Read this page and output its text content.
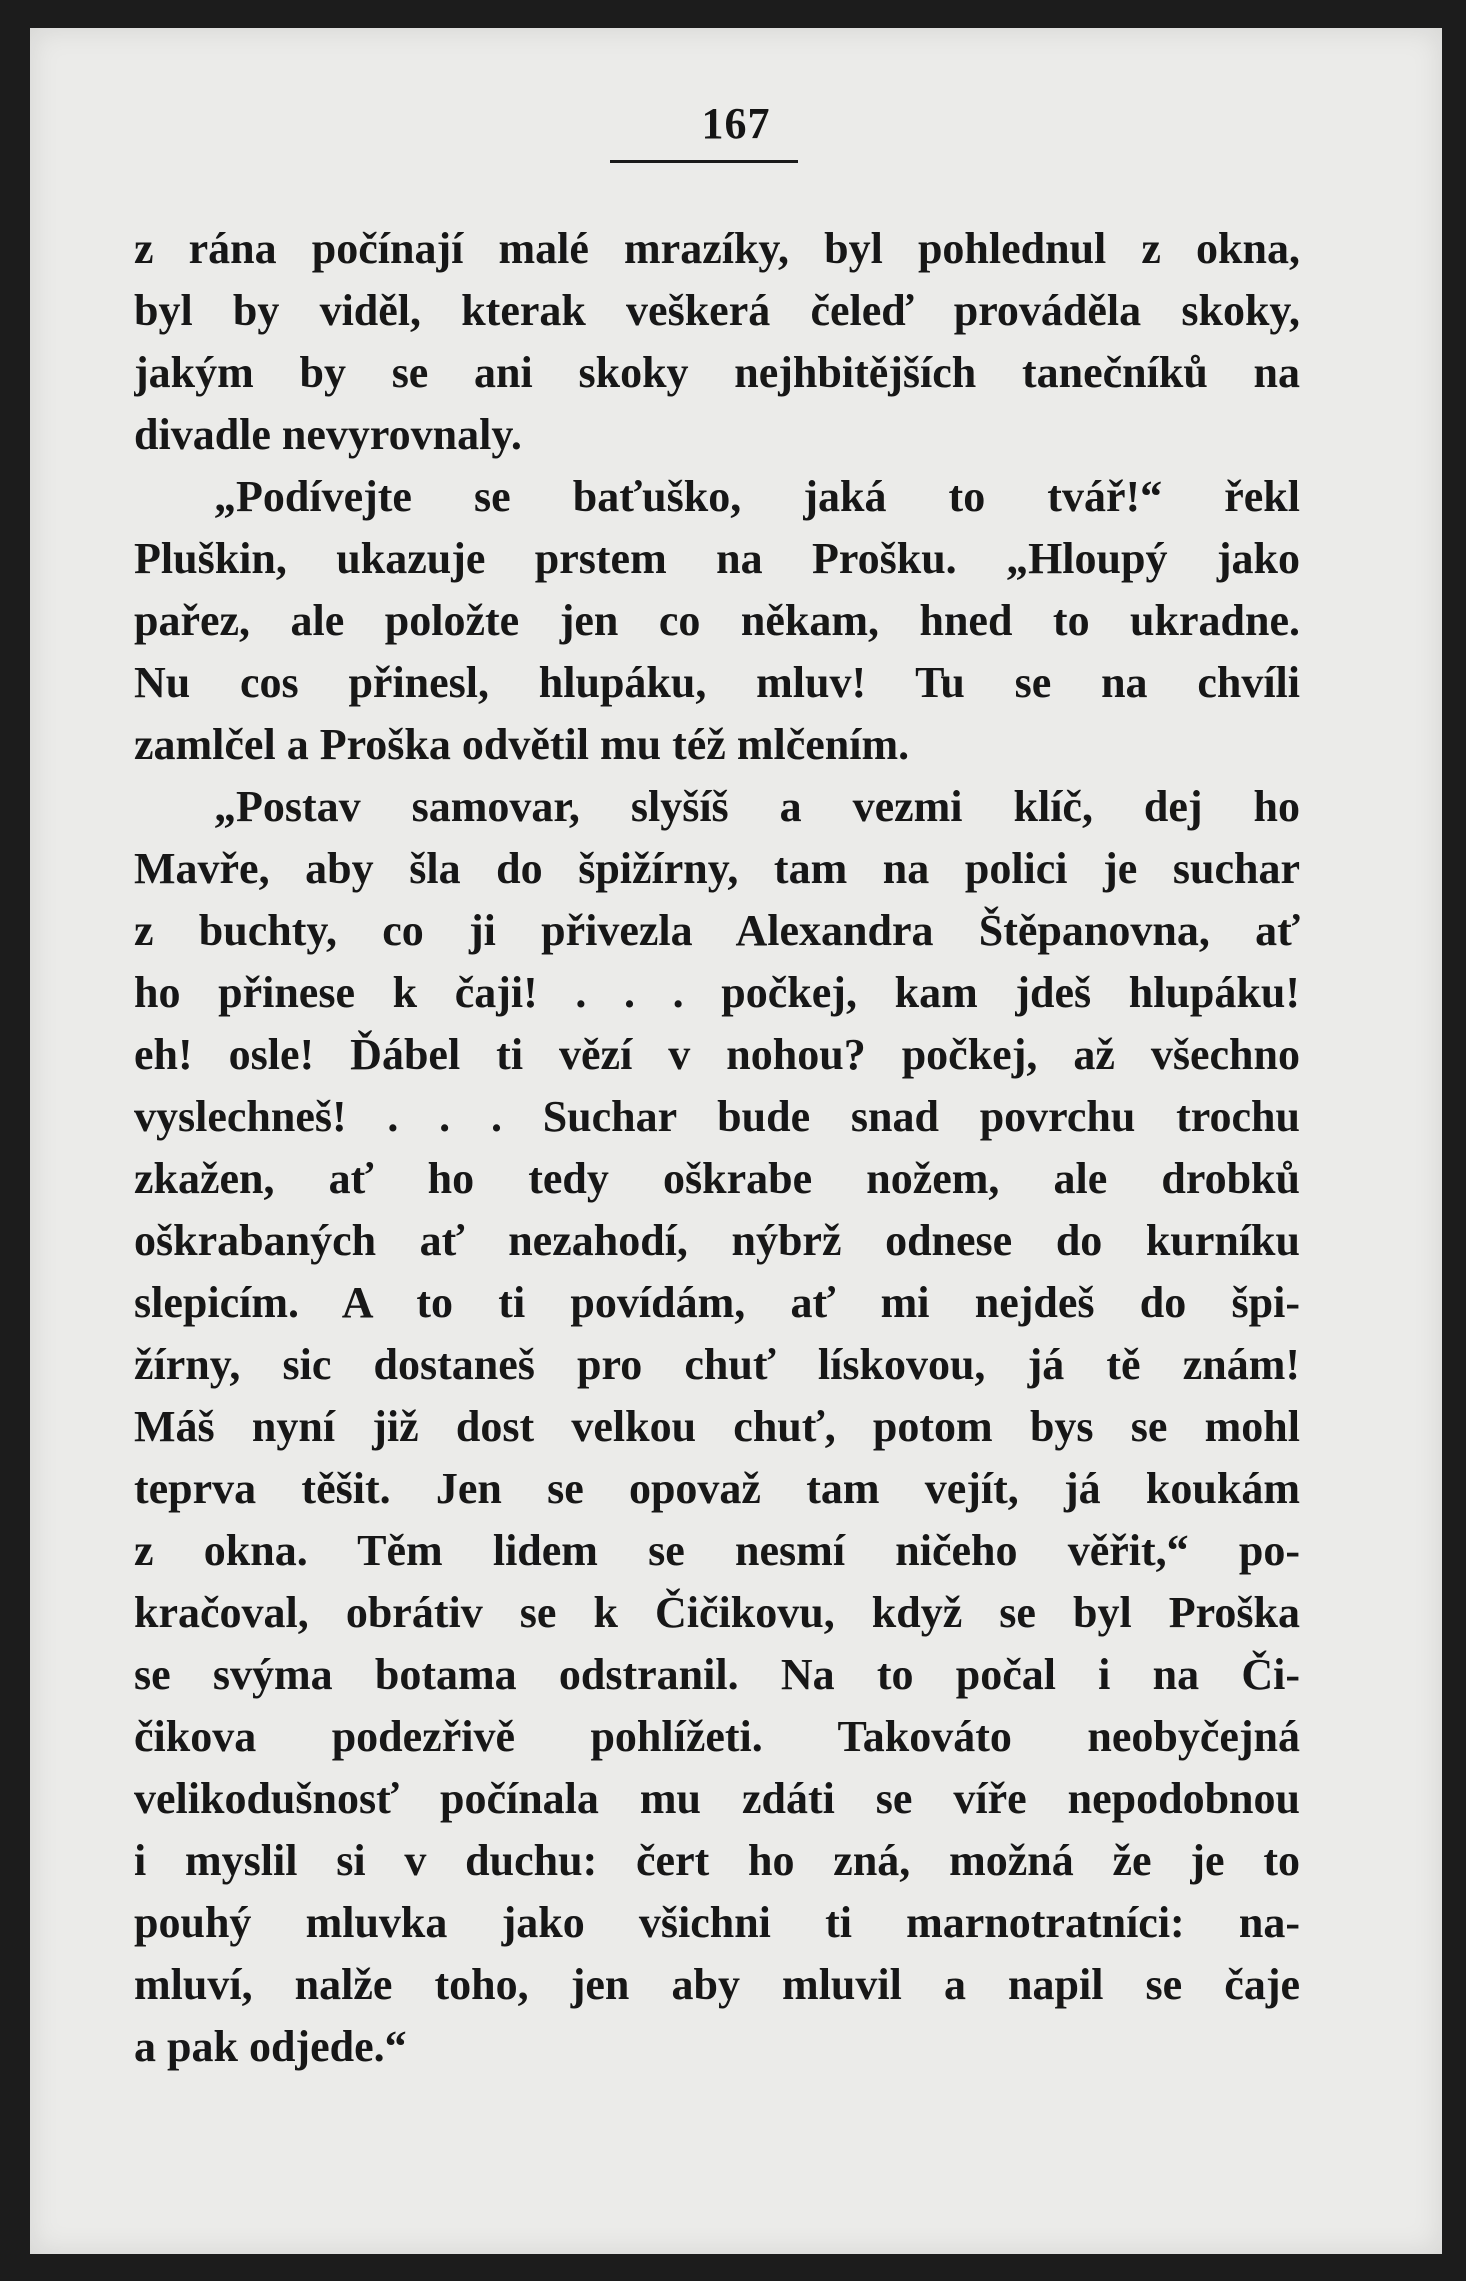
167
z rána počínají malé mrazíky, byl pohlednul z okna,
byl by viděl, kterak veškerá čeleď prováděla skoky,
jakým by se ani skoky nejhbitějších tanečníků na
divadle nevyrovnaly.
„Podívejte se baťuško, jaká to tvář!“ řekl
Pluškin, ukazuje prstem na Prošku. „Hloupý jako
pařez, ale položte jen co někam, hned to ukradne.
Nu cos přinesl, hlupáku, mluv! Tu se na chvíli
zamlčel a Proška odvětil mu též mlčením.
„Postav samovar, slyšíš a vezmi klíč, dej ho
Mavře, aby šla do špižírny, tam na polici je suchar
z buchty, co ji přivezla Alexandra Štěpanovna, ať
ho přinese k čaji! . . . počkej, kam jdeš hlupáku!
eh! osle! Ďábel ti vězí v nohou? počkej, až všechno
vyslechneš! . . . Suchar bude snad povrchu trochu
zkažen, ať ho tedy oškrabe nožem, ale drobků
oškrabaných ať nezahodí, nýbrž odnese do kurníku
slepicím. A to ti povídám, ať mi nejdeš do špi-
žírny, sic dostaneš pro chuť lískovou, já tě znám!
Máš nyní již dost velkou chuť, potom bys se mohl
teprva těšit. Jen se opovaž tam vejít, já koukám
z okna. Těm lidem se nesmí ničeho věřit,“ po-
kračoval, obrátiv se k Čičikovu, když se byl Proška
se svýma botama odstranil. Na to počal i na Či-
čikova podezřivě pohlížeti. Takováto neobyčejná
velikodušnosť počínala mu zdáti se víře nepodobnou
i myslil si v duchu: čert ho zná, možná že je to
pouhý mluvka jako všichni ti marnotratníci: na-
mluví, nalže toho, jen aby mluvil a napil se čaje
a pak odjede.“
